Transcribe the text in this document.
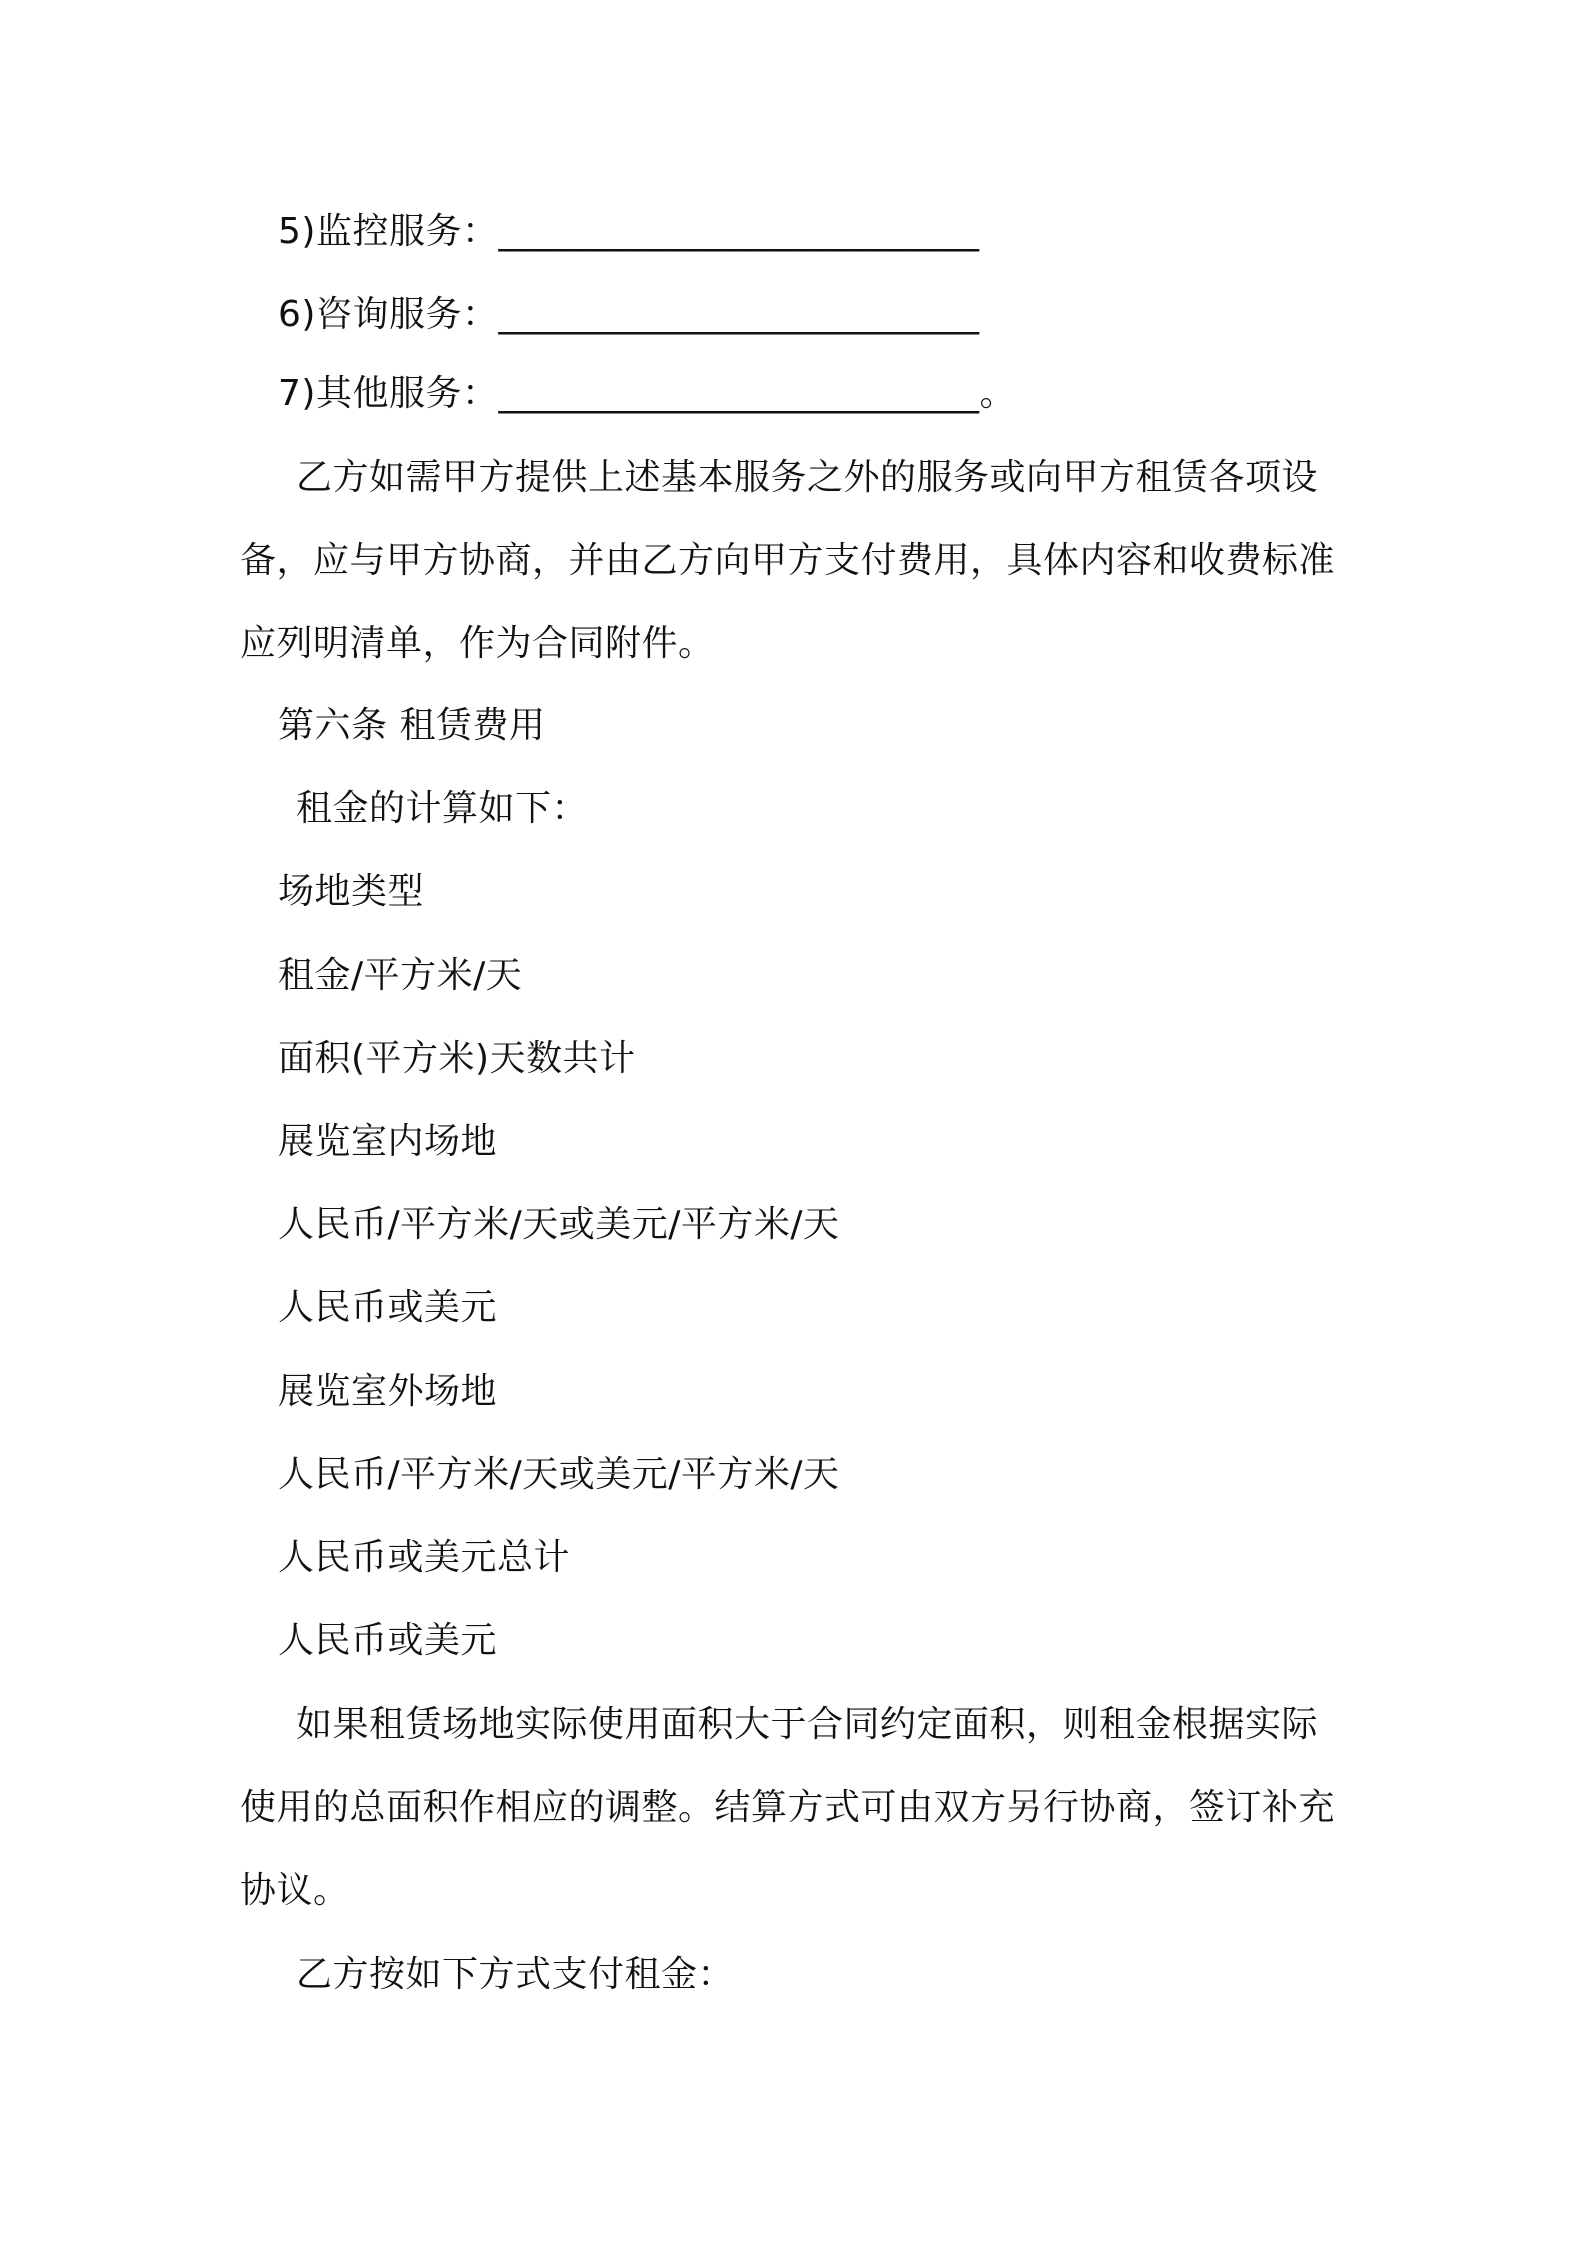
5)监控服务：__________________________

6)咨询服务：__________________________

7)其他服务：__________________________。

乙方如需甲方提供上述基本服务之外的服务或向甲方租赁各项设

备，应与甲方协商，并由乙方向甲方支付费用，具体内容和收费标准

应列明清单，作为合同附件。

第六条 租赁费用

租金的计算如下：

场地类型

租金/平方米/天

面积(平方米)天数共计

展览室内场地

人民币/平方米/天或美元/平方米/天

人民币或美元

展览室外场地

人民币/平方米/天或美元/平方米/天

人民币或美元总计

人民币或美元

如果租赁场地实际使用面积大于合同约定面积，则租金根据实际

使用的总面积作相应的调整。结算方式可由双方另行协商，签订补充

协议。

乙方按如下方式支付租金：
